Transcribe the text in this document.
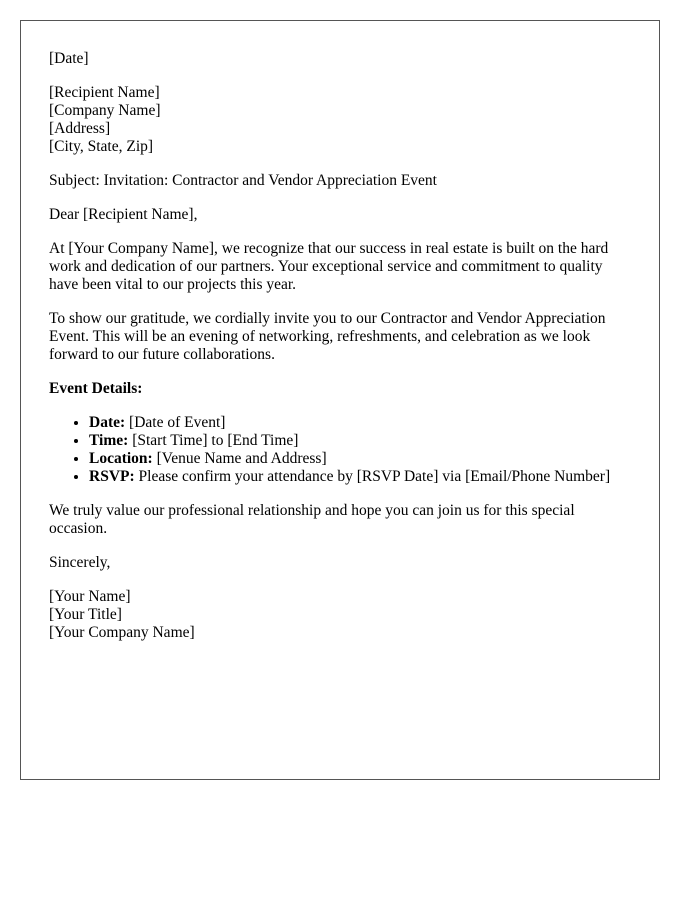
[Date]
[Recipient Name]
[Company Name]
[Address]
[City, State, Zip]

Subject: Invitation: Contractor and Vendor Appreciation Event

Dear [Recipient Name],

At [Your Company Name], we recognize that our success in real estate is built on the hard work and dedication of our partners. Your exceptional service and commitment to quality have been vital to our projects this year.

To show our gratitude, we cordially invite you to our Contractor and Vendor Appreciation Event. This will be an evening of networking, refreshments, and celebration as we look forward to our future collaborations.

Event Details:

• Date: [Date of Event]
• Time: [Start Time] to [End Time]
• Location: [Venue Name and Address]
• RSVP: Please confirm your attendance by [RSVP Date] via [Email/Phone Number]

We truly value our professional relationship and hope you can join us for this special occasion.

Sincerely,

[Your Name]
[Your Title]
[Your Company Name]
